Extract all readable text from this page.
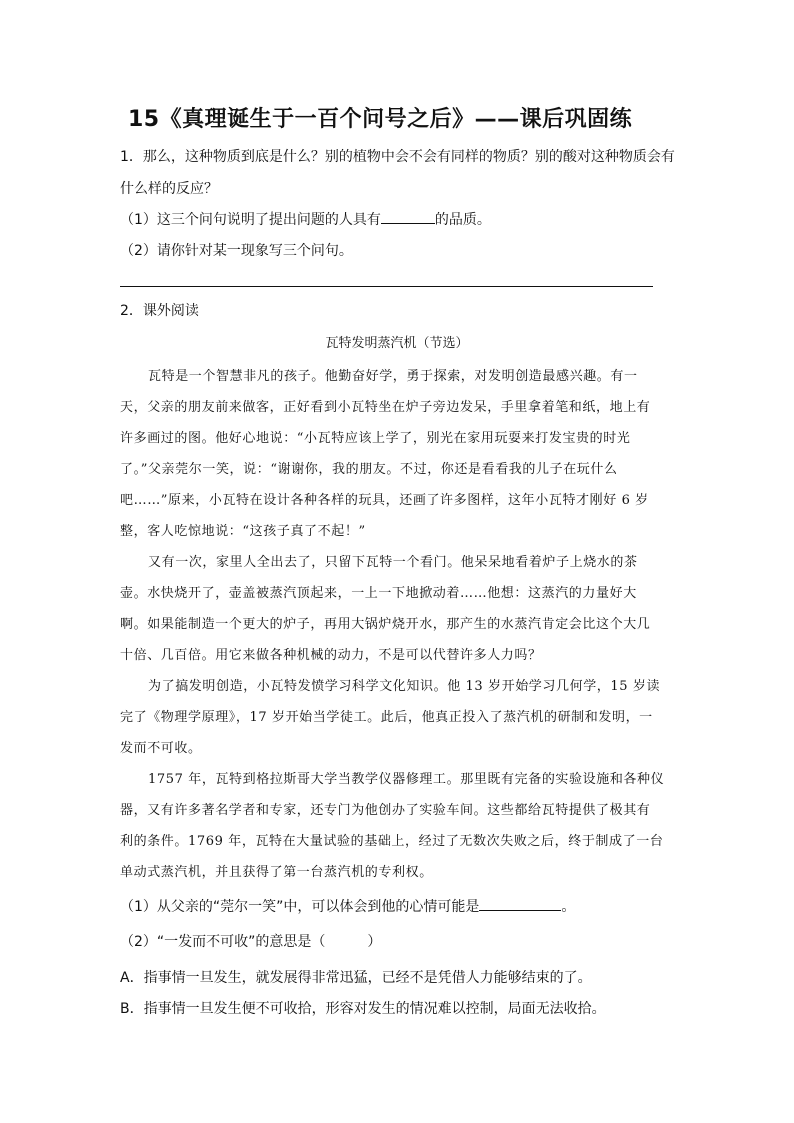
15《真理诞生于一百个问号之后》——课后巩固练
1．那么，这种物质到底是什么？别的植物中会不会有同样的物质？别的酸对这种物质会有
什么样的反应？
（1）这三个问句说明了提出问题的人具有	的品质。
（2）请你针对某一现象写三个问句。
2．课外阅读
瓦特发明蒸汽机（节选）
瓦特是一个智慧非凡的孩子。他勤奋好学，勇于探索，对发明创造最感兴趣。有一
天，父亲的朋友前来做客，正好看到小瓦特坐在炉子旁边发呆，手里拿着笔和纸，地上有
许多画过的图。他好心地说：“小瓦特应该上学了，别光在家用玩耍来打发宝贵的时光
了。”父亲莞尔一笑，说：“谢谢你，我的朋友。不过，你还是看看我的儿子在玩什么
吧……”原来，小瓦特在设计各种各样的玩具，还画了许多图样，这年小瓦特才刚好 6 岁
整，客人吃惊地说：“这孩子真了不起！”
又有一次，家里人全出去了，只留下瓦特一个看门。他呆呆地看着炉子上烧水的茶
壶。水快烧开了，壶盖被蒸汽顶起来，一上一下地掀动着……他想：这蒸汽的力量好大
啊。如果能制造一个更大的炉子，再用大锅炉烧开水，那产生的水蒸汽肯定会比这个大几
十倍、几百倍。用它来做各种机械的动力，不是可以代替许多人力吗？
为了搞发明创造，小瓦特发愤学习科学文化知识。他 13 岁开始学习几何学，15 岁读
完了《物理学原理》，17 岁开始当学徒工。此后，他真正投入了蒸汽机的研制和发明，一
发而不可收。
1757 年，瓦特到格拉斯哥大学当教学仪器修理工。那里既有完备的实验设施和各种仪
器，又有许多著名学者和专家，还专门为他创办了实验车间。这些都给瓦特提供了极其有
利的条件。1769 年，瓦特在大量试验的基础上，经过了无数次失败之后，终于制成了一台
单动式蒸汽机，并且获得了第一台蒸汽机的专利权。
（1）从父亲的“莞尔一笑”中，可以体会到他的心情可能是	。
（2）“一发而不可收”的意思是（　　　）
A．指事情一旦发生，就发展得非常迅猛，已经不是凭借人力能够结束的了。
B．指事情一旦发生便不可收拾，形容对发生的情况难以控制，局面无法收拾。
